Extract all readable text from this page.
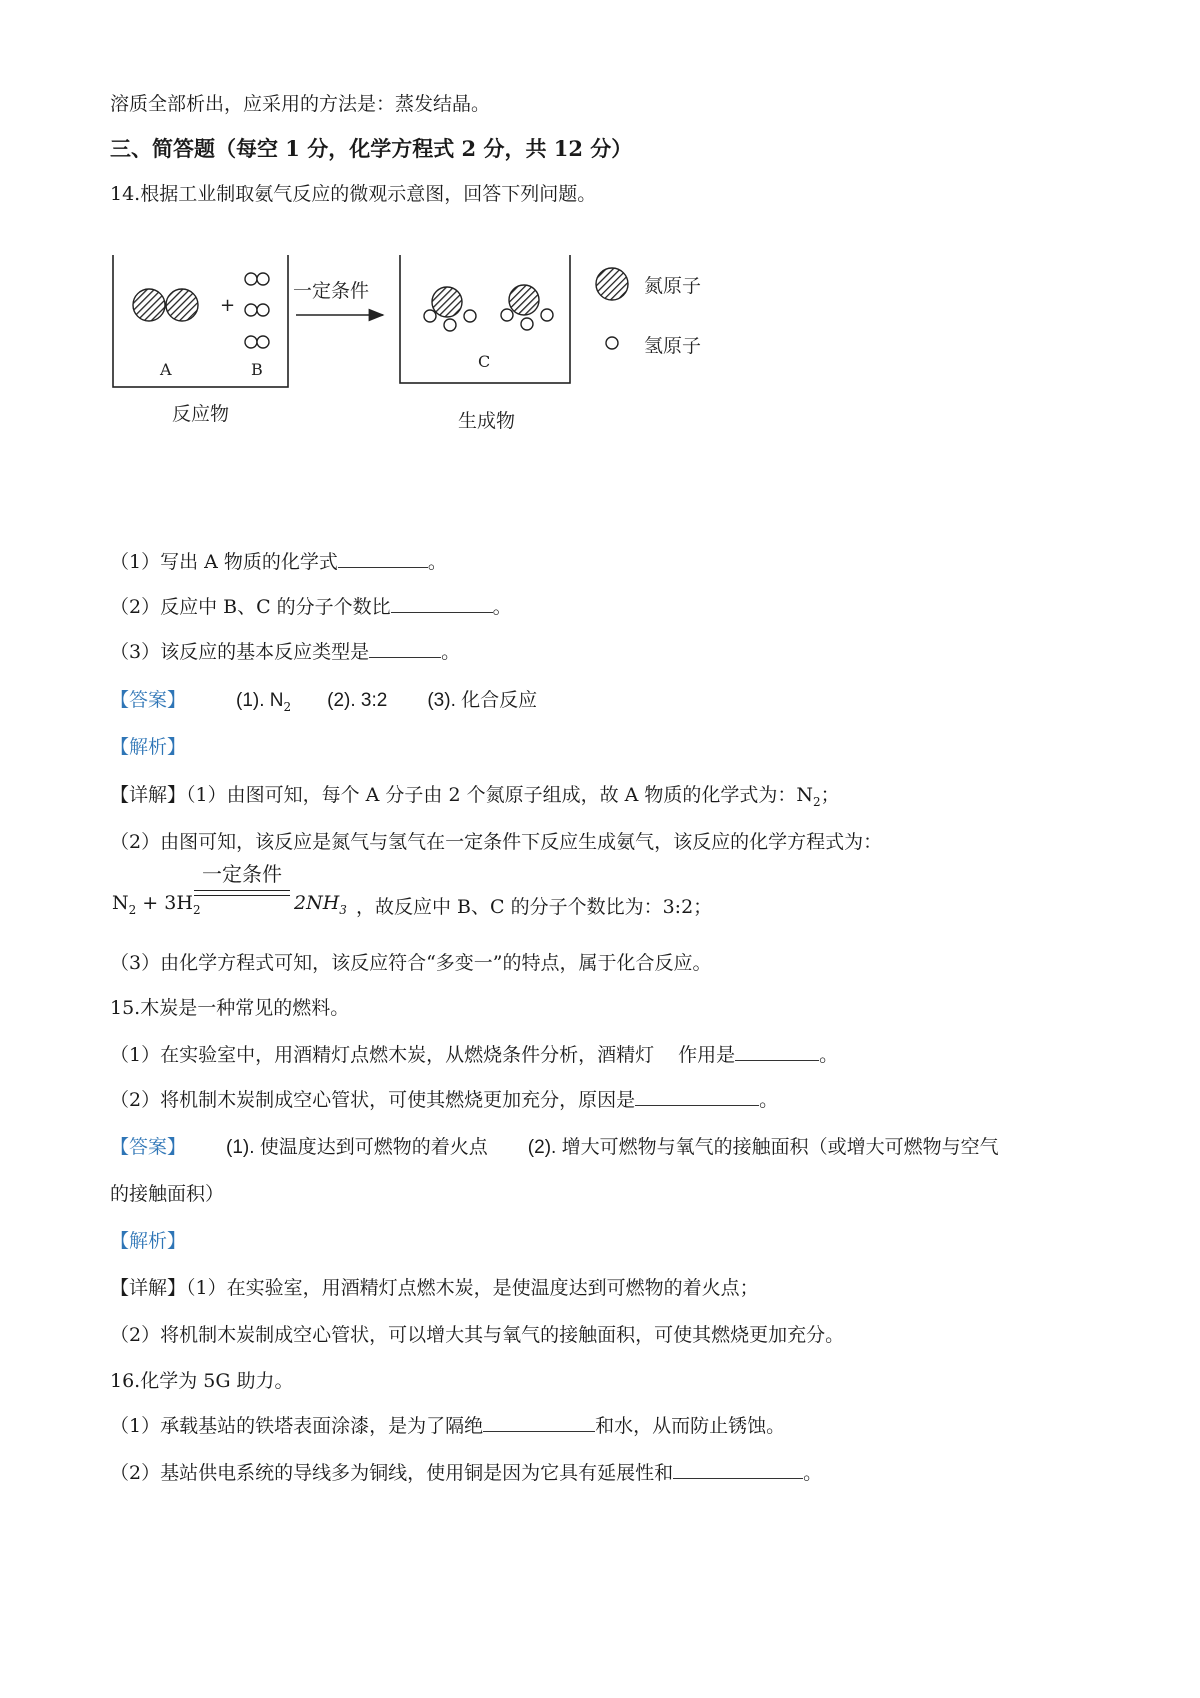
溶质全部析出，应采用的方法是：蒸发结晶。
三、简答题（每空 1 分，化学方程式 2 分，共 12 分）
14.根据工业制取氨气反应的微观示意图，回答下列问题。
+
A	B
反应物
一定条件
C
生成物
氮原子
氢原子
（1）写出 A 物质的化学式	。
（2）反应中 B、C 的分子个数比	。
（3）该反应的基本反应类型是	。
【答案】	(1). $N_2$ (2). 3:2 (3). 化合反应
【解析】
【详解】（1）由图可知，每个 A 分子由 2 个氮原子组成，故 A 物质的化学式为：$N_2$；
（2）由图可知，该反应是氮气与氢气在一定条件下反应生成氨气，该反应的化学方程式为：
$N_2 + 3H_2$
一定条件
$2NH_3$ ，故反应中 B、C 的分子个数比为：3:2；
（3）由化学方程式可知，该反应符合“多变一”的特点，属于化合反应。
15.木炭是一种常见的燃料。
（1）在实验室中，用酒精灯点燃木炭，从燃烧条件分析，酒精灯 作用是	。
（2）将机制木炭制成空心管状，可使其燃烧更加充分，原因是	。
【答案】 (1). 使温度达到可燃物的着火点 (2). 增大可燃物与氧气的接触面积（或增大可燃物与空气
的接触面积）
【解析】
【详解】（1）在实验室，用酒精灯点燃木炭，是使温度达到可燃物的着火点；
（2）将机制木炭制成空心管状，可以增大其与氧气的接触面积，可使其燃烧更加充分。
16.化学为 5G 助力。
（1）承载基站的铁塔表面涂漆，是为了隔绝	和水，从而防止锈蚀。
（2）基站供电系统的导线多为铜线，使用铜是因为它具有延展性和	。
